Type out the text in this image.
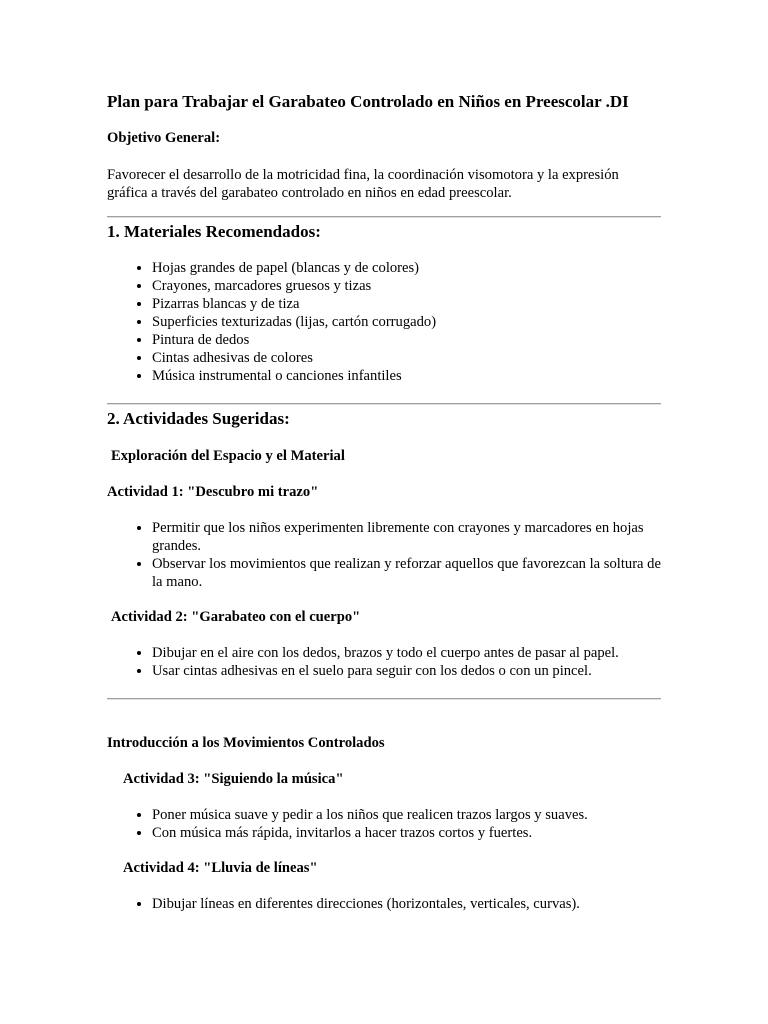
Plan para Trabajar el Garabateo Controlado en Niños en Preescolar .DI
Objetivo General:
Favorecer el desarrollo de la motricidad fina, la coordinación visomotora y la expresión gráfica a través del garabateo controlado en niños en edad preescolar.
1. Materiales Recomendados:
• Hojas grandes de papel (blancas y de colores)
• Crayones, marcadores gruesos y tizas
• Pizarras blancas y de tiza
• Superficies texturizadas (lijas, cartón corrugado)
• Pintura de dedos
• Cintas adhesivas de colores
• Música instrumental o canciones infantiles
2. Actividades Sugeridas:
Exploración del Espacio y el Material
Actividad 1: "Descubro mi trazo"
• Permitir que los niños experimenten libremente con crayones y marcadores en hojas grandes.
• Observar los movimientos que realizan y reforzar aquellos que favorezcan la soltura de la mano.
Actividad 2: "Garabateo con el cuerpo"
• Dibujar en el aire con los dedos, brazos y todo el cuerpo antes de pasar al papel.
• Usar cintas adhesivas en el suelo para seguir con los dedos o con un pincel.
Introducción a los Movimientos Controlados
Actividad 3: "Siguiendo la música"
• Poner música suave y pedir a los niños que realicen trazos largos y suaves.
• Con música más rápida, invitarlos a hacer trazos cortos y fuertes.
Actividad 4: "Lluvia de líneas"
• Dibujar líneas en diferentes direcciones (horizontales, verticales, curvas).
